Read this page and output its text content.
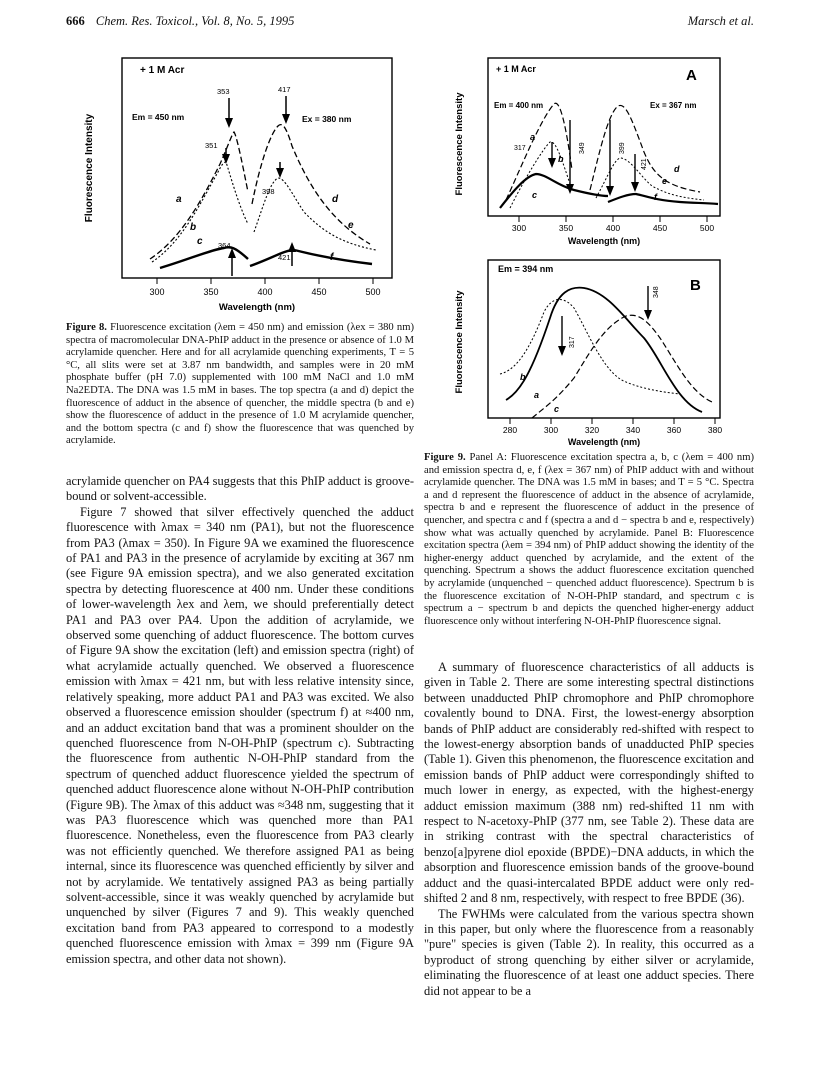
666 Chem. Res. Toxicol., Vol. 8, No. 5, 1995	Marsch et al.
Fluorescence Intensity
+ 1 M Acr
Em = 450 nm	Ex = 380 nm
353	417
351
398
364
421
a
b
c
d
e
f
300	350	400	450	500
Wavelength (nm)
Figure 8. Fluorescence excitation (λem = 450 nm) and emission (λex = 380 nm) spectra of macromolecular DNA-PhIP adduct in the presence or absence of 1.0 M acrylamide quencher. Here and for all acrylamide quenching experiments, T = 5 °C, all slits were set at 3.87 nm bandwidth, and samples were in 20 mM phosphate buffer (pH 7.0) supplemented with 100 mM NaCl and 1.0 mM Na2EDTA. The DNA was 1.5 mM in bases. The top spectra (a and d) depict the fluorescence of adduct in the absence of quencher, the middle spectra (b and e) show the fluorescence of adduct in the presence of 1.0 M acrylamide quencher, and the bottom spectra (c and f) show the fluorescence that was quenched by acrylamide.
Fluorescence Intensity
+ 1 M Acr	A
Em = 400 nm	Ex = 367 nm
317	349	399
421
a
b
c
d
e
f
300	350	400	450	500
Wavelength (nm)
Fluorescence Intensity
Em = 394 nm
B
317
348
a
b
c
280	300	320	340	360	380
Wavelength (nm)
Figure 9. Panel A: Fluorescence excitation spectra a, b, c (λem = 400 nm) and emission spectra d, e, f (λex = 367 nm) of PhIP adduct with and without acrylamide quencher. The DNA was 1.5 mM in bases; and T = 5 °C. Spectra a and d represent the fluorescence of adduct in the absence of acrylamide, spectra b and e represent the fluorescence of adduct in the presence of quencher, and spectra c and f (spectra a and d − spectra b and e, respectively) show what was actually quenched by acrylamide. Panel B: Fluorescence excitation spectra (λem = 394 nm) of PhIP adduct showing the identity of the higher-energy adduct quenched by acrylamide, and the extent of the quenching. Spectrum a shows the adduct fluorescence excitation quenched by acrylamide (unquenched − quenched adduct fluorescence). Spectrum b is the fluorescence excitation of N-OH-PhIP standard, and spectrum c is spectrum a − spectrum b and depicts the quenched higher-energy adduct fluorescence only without interfering N-OH-PhIP fluorescence signal.

acrylamide quencher on PA4 suggests that this PhIP adduct is groove-bound or solvent-accessible.

Figure 7 showed that silver effectively quenched the adduct fluorescence with λmax = 340 nm (PA1), but not the fluorescence from PA3 (λmax = 350). In Figure 9A we examined the fluorescence of PA1 and PA3 in the presence of acrylamide by exciting at 367 nm (see Figure 9A emission spectra), and we also generated excitation spectra by detecting fluorescence at 400 nm. Under these conditions of lower-wavelength λex and λem, we should preferentially detect PA1 and PA3 over PA4. Upon the addition of acrylamide, we observed some quenching of adduct fluorescence. The bottom curves of Figure 9A show the excitation (left) and emission spectra (right) of what acrylamide actually quenched. We observed a fluorescence emission with λmax = 421 nm, but with less relative intensity since, relatively speaking, more adduct PA1 and PA3 was excited. We also observed a fluorescence emission shoulder (spectrum f) at ≈400 nm, and an adduct excitation band that was a prominent shoulder on the quenched fluorescence from N-OH-PhIP (spectrum c). Subtracting the fluorescence from authentic N-OH-PhIP standard from the spectrum of quenched adduct fluorescence yielded the spectrum of quenched adduct fluorescence alone without N-OH-PhIP contribution (Figure 9B). The λmax of this adduct was ≈348 nm, suggesting that it was PA3 fluorescence which was quenched more than PA1 fluorescence. Nonetheless, even the fluorescence from PA3 clearly was not efficiently quenched. We therefore assigned PA1 as being internal, since its fluorescence was quenched efficiently by silver and not by acrylamide. We tentatively assigned PA3 as being partially solvent-accessible, since it was weakly quenched by acrylamide but unquenched by silver (Figures 7 and 9). This weakly quenched excitation band from PA3 appeared to correspond to a modestly quenched fluorescence emission with λmax = 399 nm (Figure 9A emission spectra, and other data not shown).

A summary of fluorescence characteristics of all adducts is given in Table 2. There are some interesting spectral distinctions between unadducted PhIP chromophore and PhIP chromophore covalently bound to DNA. First, the lowest-energy absorption bands of PhIP adduct are considerably red-shifted with respect to the lowest-energy absorption bands of unadducted PhIP species (Table 1). Given this phenomenon, the fluorescence excitation and emission bands of PhIP adduct were correspondingly shifted to much lower in energy, as expected, with the highest-energy adduct emission maximum (388 nm) red-shifted 11 nm with respect to N-acetoxy-PhIP (377 nm, see Table 2). These data are in striking contrast with the spectral characteristics of benzo[a]pyrene diol epoxide (BPDE)−DNA adducts, in which the absorption and fluorescence emission bands of the groove-bound adduct and the quasi-intercalated BPDE adduct were only red-shifted 2 and 8 nm, respectively, with respect to free BPDE (36).

The FWHMs were calculated from the various spectra shown in this paper, but only where the fluorescence from a reasonably "pure" species is given (Table 2). In reality, this occurred as a byproduct of strong quenching by either silver or acrylamide, eliminating the fluorescence of at least one adduct species. There did not appear to be a
